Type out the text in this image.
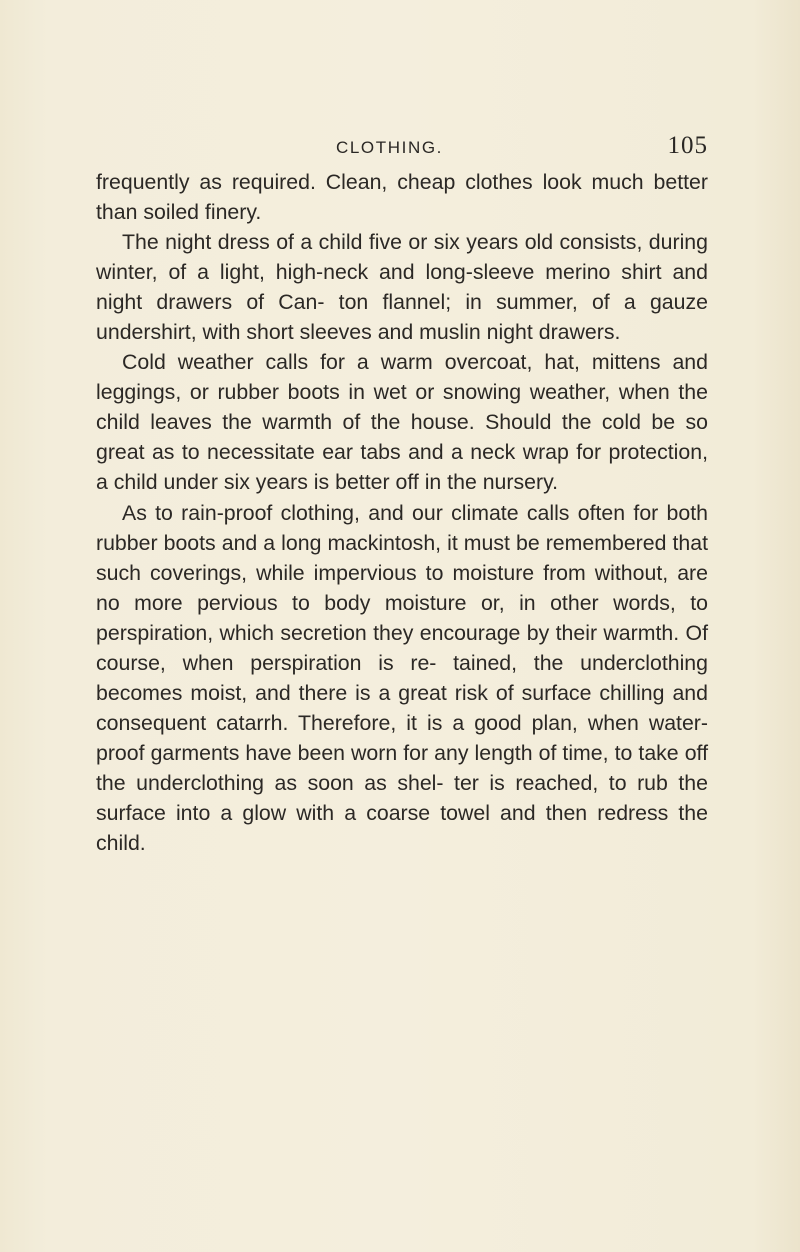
CLOTHING.	105

frequently as required. Clean, cheap clothes look much better than soiled finery.

The night dress of a child five or six years old consists, during winter, of a light, high-neck and long-sleeve merino shirt and night drawers of Can- ton flannel; in summer, of a gauze undershirt, with short sleeves and muslin night drawers.

Cold weather calls for a warm overcoat, hat, mittens and leggings, or rubber boots in wet or snowing weather, when the child leaves the warmth of the house. Should the cold be so great as to necessitate ear tabs and a neck wrap for protection, a child under six years is better off in the nursery.

As to rain-proof clothing, and our climate calls often for both rubber boots and a long mackintosh, it must be remembered that such coverings, while impervious to moisture from without, are no more pervious to body moisture or, in other words, to perspiration, which secretion they encourage by their warmth. Of course, when perspiration is re- tained, the underclothing becomes moist, and there is a great risk of surface chilling and consequent catarrh. Therefore, it is a good plan, when water- proof garments have been worn for any length of time, to take off the underclothing as soon as shel- ter is reached, to rub the surface into a glow with a coarse towel and then redress the child.
